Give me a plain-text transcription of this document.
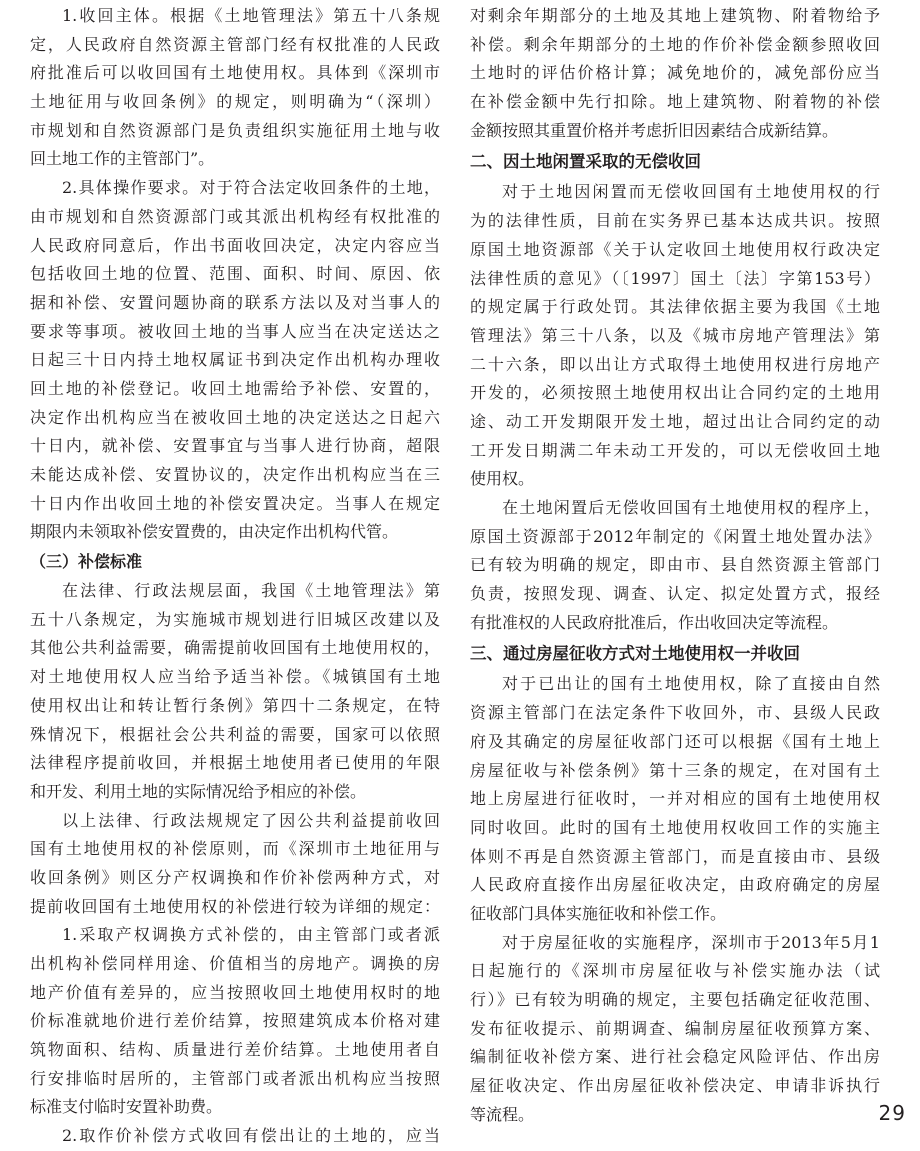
1.收回主体。根据《土地管理法》第五十八条规
定，人民政府自然资源主管部门经有权批准的人民政
府批准后可以收回国有土地使用权。具体到《深圳市
土地征用与收回条例》的规定，则明确为“（深圳）
市规划和自然资源部门是负责组织实施征用土地与收
回土地工作的主管部门”。
2.具体操作要求。对于符合法定收回条件的土地，
由市规划和自然资源部门或其派出机构经有权批准的
人民政府同意后，作出书面收回决定，决定内容应当
包括收回土地的位置、范围、面积、时间、原因、依
据和补偿、安置问题协商的联系方法以及对当事人的
要求等事项。被收回土地的当事人应当在决定送达之
日起三十日内持土地权属证书到决定作出机构办理收
回土地的补偿登记。收回土地需给予补偿、安置的，
决定作出机构应当在被收回土地的决定送达之日起六
十日内，就补偿、安置事宜与当事人进行协商，超限
未能达成补偿、安置协议的，决定作出机构应当在三
十日内作出收回土地的补偿安置决定。当事人在规定
期限内未领取补偿安置费的，由决定作出机构代管。
（三）补偿标准
在法律、行政法规层面，我国《土地管理法》第
五十八条规定，为实施城市规划进行旧城区改建以及
其他公共利益需要，确需提前收回国有土地使用权的，
对土地使用权人应当给予适当补偿。《城镇国有土地
使用权出让和转让暂行条例》第四十二条规定，在特
殊情况下，根据社会公共利益的需要，国家可以依照
法律程序提前收回，并根据土地使用者已使用的年限
和开发、利用土地的实际情况给予相应的补偿。
以上法律、行政法规规定了因公共利益提前收回
国有土地使用权的补偿原则，而《深圳市土地征用与
收回条例》则区分产权调换和作价补偿两种方式，对
提前收回国有土地使用权的补偿进行较为详细的规定：
1.采取产权调换方式补偿的，由主管部门或者派
出机构补偿同样用途、价值相当的房地产。调换的房
地产价值有差异的，应当按照收回土地使用权时的地
价标准就地价进行差价结算，按照建筑成本价格对建
筑物面积、结构、质量进行差价结算。土地使用者自
行安排临时居所的，主管部门或者派出机构应当按照
标准支付临时安置补助费。
2.取作价补偿方式收回有偿出让的土地的，应当
对剩余年期部分的土地及其地上建筑物、附着物给予
补偿。剩余年期部分的土地的作价补偿金额参照收回
土地时的评估价格计算；减免地价的，减免部份应当
在补偿金额中先行扣除。地上建筑物、附着物的补偿
金额按照其重置价格并考虑折旧因素结合成新结算。
二、因土地闲置采取的无偿收回
对于土地因闲置而无偿收回国有土地使用权的行
为的法律性质，目前在实务界已基本达成共识。按照
原国土地资源部《关于认定收回土地使用权行政决定
法律性质的意见》（〔1997〕国土〔法〕字第153号）
的规定属于行政处罚。其法律依据主要为我国《土地
管理法》第三十八条，以及《城市房地产管理法》第
二十六条，即以出让方式取得土地使用权进行房地产
开发的，必须按照土地使用权出让合同约定的土地用
途、动工开发期限开发土地，超过出让合同约定的动
工开发日期满二年未动工开发的，可以无偿收回土地
使用权。
在土地闲置后无偿收回国有土地使用权的程序上，
原国土资源部于2012年制定的《闲置土地处置办法》
已有较为明确的规定，即由市、县自然资源主管部门
负责，按照发现、调查、认定、拟定处置方式，报经
有批准权的人民政府批准后，作出收回决定等流程。
三、通过房屋征收方式对土地使用权一并收回
对于已出让的国有土地使用权，除了直接由自然
资源主管部门在法定条件下收回外，市、县级人民政
府及其确定的房屋征收部门还可以根据《国有土地上
房屋征收与补偿条例》第十三条的规定，在对国有土
地上房屋进行征收时，一并对相应的国有土地使用权
同时收回。此时的国有土地使用权收回工作的实施主
体则不再是自然资源主管部门，而是直接由市、县级
人民政府直接作出房屋征收决定，由政府确定的房屋
征收部门具体实施征收和补偿工作。
对于房屋征收的实施程序，深圳市于2013年5月1
日起施行的《深圳市房屋征收与补偿实施办法（试
行）》已有较为明确的规定，主要包括确定征收范围、
发布征收提示、前期调查、编制房屋征收预算方案、
编制征收补偿方案、进行社会稳定风险评估、作出房
屋征收决定、作出房屋征收补偿决定、申请非诉执行
等流程。	29
